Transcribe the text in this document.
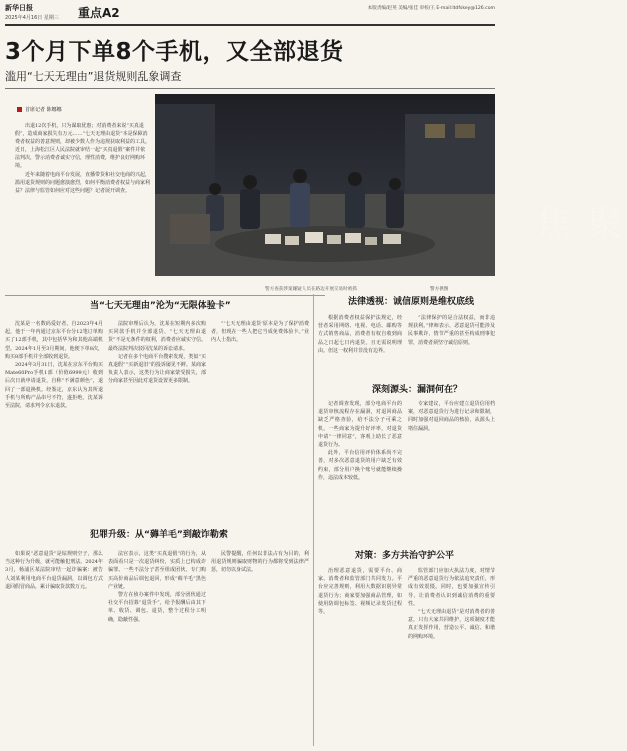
新华日报
2025年4月16日 星期三 重点A2	本版责编/赵英 美编/张佳 审校/王 E-mail:ltdfskey@126.com
3个月下单8个手机，又全部退货
滥用“七天无理由”退货规则乱象调查
首席记者 陈娜娜

出退12次手机，只为谋取优惠；对消费者来说“买真退假”，造成商家损失有万元……“七天无理由退货”本是保障消费者权益的善意规则，却被少数人作为违规获取利益的工具。近日，上海松江区人民法院就审结一起“买真退假”案件并依法判决，警示消费者诚实守信，理性消费，维护良好网购环境。

近年来随着电商平台发展，直播带货和社交电商的兴起，滥用退货规则的问题愈演愈烈，如何平衡消费者权益与商家利益？法律与监管如何应对这些问题？记者展开调查。

聚焦
警方查获涉案嫌疑人员在路边开展交易时被抓	警方供图
当“七天无理由”沦为“无限体验卡”

沈某是一名数码爱好者，自2023年4月起，他于一年内通过京东平台分12笔订单购买了12部手机，其中包括华为和其他高端机型。2024年1月至3月期间，他便下单8次，购买8部手机并全部收到退货。

2024年3月31日，沈某在京东平台购买Mate60Pro手机1部（价值6999元）收到后次日就申请退货，自称“不满意颜色”，退回了一部退换机。经鉴定，京东认为其所退手机与所购产品串号不符，遂拒绝。沈某诉至法院，请求判令京东退款。

法院审理后认为，沈某在短期内多次购买同款手机并全部退货，“七天无理由退货”不是无条件的权利，消费者应诚实守信。最终法院判决驳回沈某的诉讼请求。

记者在多个电商平台搜索发现，类似“买真退假”“买新退旧”的投诉屡见不鲜。某商家负责人表示，这类行为让商家蒙受损失，部分商家甚至因此对退货设置更多限制。

“‘七天无理由退货’原本是为了保护消费者，但现在一些人把它当成免费体验卡。”业内人士指出。

犯罪升级：从“薅羊毛”到敲诈勒索

如果说“恶意退货”是钻规则空子，那么当这种行为升级，就可能触犯刑法。2024年3月，杨浦区某法院审结一起诈骗案：被告人刘某利用电商平台退货漏洞，以调包方式退回假冒商品，累计骗取货款数万元。

法官表示，这类“买真退假”的行为，从表面看只是一次退货纠纷，实质上已构成诈骗罪。一些不法分子甚至组成团伙，专门购买高价商品后调包退回，形成“薅羊毛”黑色产业链。

警方在侦办案件中发现，部分团伙通过社交平台招募“退货手”，给予报酬后由其下单、收货、调包、退货，整个过程分工明确，隐蔽性强。

民警提醒，任何以非法占有为目的，利用退货规则骗取财物的行为都将受到法律严惩，切勿以身试法。

法律透视：诚信原则是维权底线

根据消费者权益保护法规定，经营者采用网络、电视、电话、邮购等方式销售商品，消费者有权自收到商品之日起七日内退货，且无需说明理由。但这一权利并非没有边界。

“法律保护的是合法权益，而非违规获利。”律师表示，恶意退货可能涉及民事欺诈，情节严重的甚至构成刑事犯罪，消费者须坚守诚信原则。

深刻源头：漏洞何在？

记者调查发现，部分电商平台的退货审核流程存在漏洞，对退回商品缺乏严格查验，给不法分子可乘之机。一些商家为提升好评率，对退货申请“一律同意”，客观上助长了恶意退货行为。

此外，平台信用评价体系尚不完善，对多次恶意退货的用户缺乏有效约束，部分用户换个账号就能继续操作，违法成本较低。

专家建议，平台应建立退货信用档案，对恶意退货行为进行记录和限制，同时加强对退回商品的核验，从源头上堵住漏洞。

对策：多方共治守护公平

治理恶意退货，需要平台、商家、消费者和监管部门共同发力。平台应完善规则，利用大数据识别异常退货行为；商家要加强商品管理，如使用防调包标签、视频记录发货过程等。

监管部门应加大执法力度，对情节严重的恶意退货行为依法追究责任，形成有效震慑。同时，也要加强宣传引导，让消费者认识到诚信消费的重要性。

“七天无理由退货”是对消费者的善意，只有大家共同维护，这项制度才能真正发挥作用，营造公平、诚信、和谐的网购环境。
